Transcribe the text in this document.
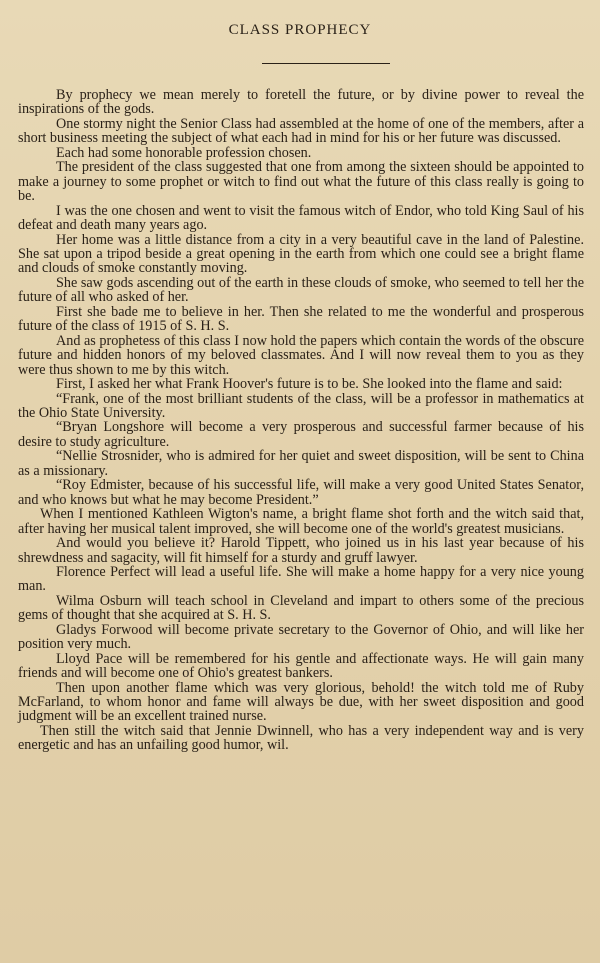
CLASS PROPHECY

By prophecy we mean merely to foretell the future, or by divine power to reveal the inspirations of the gods.

One stormy night the Senior Class had assembled at the home of one of the members, after a short business meeting the subject of what each had in mind for his or her future was discussed.

Each had some honorable profession chosen.

The president of the class suggested that one from among the sixteen should be appointed to make a journey to some prophet or witch to find out what the future of this class really is going to be.

I was the one chosen and went to visit the famous witch of Endor, who told King Saul of his defeat and death many years ago.

Her home was a little distance from a city in a very beautiful cave in the land of Palestine. She sat upon a tripod beside a great opening in the earth from which one could see a bright flame and clouds of smoke constantly moving.

She saw gods ascending out of the earth in these clouds of smoke, who seemed to tell her the future of all who asked of her.

First she bade me to believe in her. Then she related to me the wonderful and prosperous future of the class of 1915 of S. H. S.

And as prophetess of this class I now hold the papers which contain the words of the obscure future and hidden honors of my beloved classmates. And I will now reveal them to you as they were thus shown to me by this witch.

First, I asked her what Frank Hoover's future is to be. She looked into the flame and said:

“Frank, one of the most brilliant students of the class, will be a professor in mathematics at the Ohio State University.

“Bryan Longshore will become a very prosperous and successful farmer because of his desire to study agriculture.

“Nellie Strosnider, who is admired for her quiet and sweet disposition, will be sent to China as a missionary.

“Roy Edmister, because of his successful life, will make a very good United States Senator, and who knows but what he may become President.”

When I mentioned Kathleen Wigton's name, a bright flame shot forth and the witch said that, after having her musical talent improved, she will become one of the world's greatest musicians.

And would you believe it? Harold Tippett, who joined us in his last year because of his shrewdness and sagacity, will fit himself for a sturdy and gruff lawyer.

Florence Perfect will lead a useful life. She will make a home happy for a very nice young man.

Wilma Osburn will teach school in Cleveland and impart to others some of the precious gems of thought that she acquired at S. H. S.

Gladys Forwood will become private secretary to the Governor of Ohio, and will like her position very much.

Lloyd Pace will be remembered for his gentle and affectionate ways. He will gain many friends and will become one of Ohio's greatest bankers.

Then upon another flame which was very glorious, behold! the witch told me of Ruby McFarland, to whom honor and fame will always be due, with her sweet disposition and good judgment will be an excellent trained nurse.

Then still the witch said that Jennie Dwinnell, who has a very independent way and is very energetic and has an unfailing good humor, wil.
